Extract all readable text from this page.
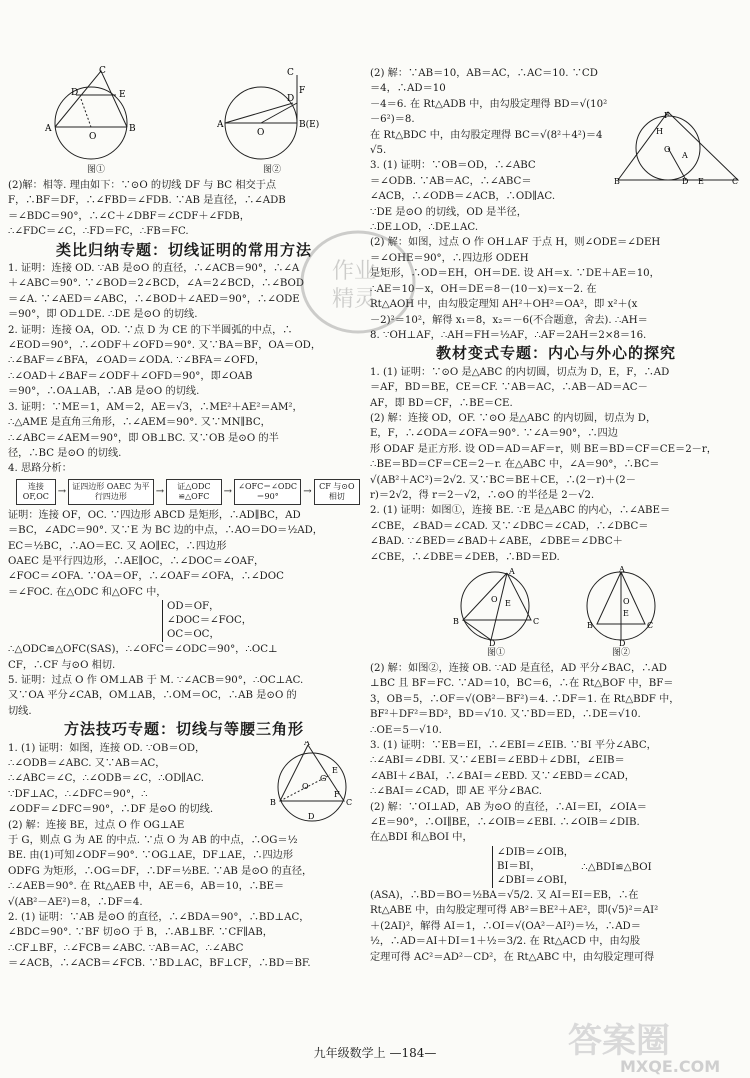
C
D	E
A	B
O
图①
C
D
A	B(E)
O
F
图②

(2)解：相等. 理由如下：∵⊙O 的切线 DF 与 BC 相交于点

F，∴BF＝DF，∴∠FBD＝∠FDB. ∵AB 是直径，∴∠ADB

＝∠BDC＝90°，∴∠C＋∠DBF＝∠CDF＋∠FDB，

∴∠FDC＝∠C，∴FD＝FC，∴FB＝FC.

类比归纳专题：切线证明的常用方法

1. 证明：连接 OD. ∵AB 是⊙O 的直径，∴∠ACB＝90°，∴∠A

＋∠ABC＝90°. ∵∠BOD＝2∠BCD，∠A＝2∠BCD，∴∠BOD

＝∠A. ∵∠AED＝∠ABC，∴∠BOD＋∠AED＝90°，∴∠ODE

＝90°，即 OD⊥DE. ∴DE 是⊙O 的切线.

2. 证明：连接 OA，OD. ∵点 D 为 CE 的下半圆弧的中点，∴

∠EOD＝90°，∴∠ODF＋∠OFD＝90°. 又∵BA＝BF，OA＝OD，

∴∠BAF＝∠BFA，∠OAD＝∠ODA. ∵∠BFA＝∠OFD，

∴∠OAD＋∠BAF＝∠ODF＋∠OFD＝90°，即∠OAB

＝90°，∴OA⊥AB，∴AB 是⊙O 的切线.

3. 证明：∵ME＝1，AM＝2，AE＝√3，∴ME²＋AE²＝AM²，

∴△AME 是直角三角形，∴∠AEM＝90°. 又∵MN∥BC，

∴∠ABC＝∠AEM＝90°，即 OB⊥BC. 又∵OB 是⊙O 的半

径，∴BC 是⊙O 的切线.

4. 思路分析：

连接 OF,OC → 证四边形 OAEC 为平行四边形	→	证△ODC ≌△OFC	→ ∠OFC＝∠ODC ＝90°	→ CF 与⊙O 相切

证明：连接 OF，OC. ∵四边形 ABCD 是矩形，∴AD∥BC，AD

＝BC，∠ADC＝90°. 又∵E 为 BC 边的中点，∴AO＝DO＝½AD，

EC＝½BC，∴AO＝EC. 又 AO∥EC，∴四边形

OAEC 是平行四边形，∴AE∥OC，∴∠DOC＝∠OAF，

∠FOC＝∠OFA. ∵OA＝OF，∴∠OAF＝∠OFA，∴∠DOC

＝∠FOC. 在△ODC 和△OFC 中，

OD＝OF，
∠DOC＝∠FOC，
OC＝OC，

∴△ODC≌△OFC(SAS)，∴∠OFC＝∠ODC＝90°，∴OC⊥

CF，∴CF 与⊙O 相切.

5. 证明：过点 O 作 OM⊥AB 于 M. ∵∠ACB＝90°，∴OC⊥AC.

又∵OA 平分∠CAB，OM⊥AB，∴OM＝OC，∴AB 是⊙O 的

切线.

方法技巧专题：切线与等腰三角形
A
B	C
E
D
F
G
O

1. (1) 证明：如图，连接 OD. ∵OB＝OD，

∴∠ODB＝∠ABC. 又∵AB＝AC，

∴∠ABC＝∠C，∴∠ODB＝∠C，∴OD∥AC.

∵DF⊥AC，∴∠DFC＝90°，∴

∠ODF＝∠DFC＝90°，∴DF 是⊙O 的切线.

(2) 解：连接 BE，过点 O 作 OG⊥AE

于 G，则点 G 为 AE 的中点. ∵点 O 为 AB 的中点，∴OG＝½

BE. 由(1)可知∠ODF＝90°. ∵OG⊥AE，DF⊥AE，∴四边形

ODFG 为矩形，∴OG＝DF，∴DF＝½BE. ∵AB 是⊙O 的直径，

∴∠AEB＝90°. 在 Rt△AEB 中，AE＝6，AB＝10，∴BE＝

√(AB²－AE²)＝8，∴DF＝4.

2. (1) 证明：∵AB 是⊙O 的直径，∴∠BDA＝90°，∴BD⊥AC，

∠BDC＝90°. ∵BF 切⊙O 于 B，∴AB⊥BF. ∵CF∥AB，

∴CF⊥BF，∴∠FCB＝∠ABC. ∵AB＝AC，∴∠ABC

＝∠ACB，∴∠ACB＝∠FCB. ∵BD⊥AC，BF⊥CF，∴BD＝BF.

F
H
B	C
A
D E
O

(2) 解：∵AB＝10，AB＝AC，∴AC＝10. ∵CD＝4，∴AD＝10

－4＝6. 在 Rt△ADB 中，由勾股定理得 BD＝√(10²－6²)＝8.

在 Rt△BDC 中，由勾股定理得 BC＝√(8²＋4²)＝4√5.

3. (1) 证明：∵OB＝OD，∴∠ABC

＝∠ODB. ∵AB＝AC，∴∠ABC＝

∠ACB，∴∠ODB＝∠ACB，∴OD∥AC.

∵DE 是⊙O 的切线，OD 是半径，

∴DE⊥OD，∴DE⊥AC.

(2) 解：如图，过点 O 作 OH⊥AF 于点 H，则∠ODE＝∠DEH

＝∠OHE＝90°，∴四边形 ODEH

是矩形，∴OD＝EH，OH＝DE. 设 AH＝x. ∵DE＋AE＝10，

∴AE＝10－x，OH＝DE＝8－(10－x)＝x－2. 在

Rt△AOH 中，由勾股定理知 AH²＋OH²＝OA²，即 x²＋(x

－2)²＝10²，解得 x₁＝8，x₂＝－6(不合题意，舍去). ∴AH＝

8. ∵OH⊥AF，∴AH＝FH＝½AF，∴AF＝2AH＝2×8＝16.

教材变式专题：内心与外心的探究

1. (1) 证明：∵⊙O 是△ABC 的内切圆，切点为 D，E，F，∴AD

＝AF，BD＝BE，CE＝CF. ∵AB＝AC，∴AB－AD＝AC－

AF，即 BD＝CF，∴BE＝CE.

(2) 解：连接 OD，OF. ∵⊙O 是△ABC 的内切圆，切点为 D，

E，F，∴∠ODA＝∠OFA＝90°. ∵∠A＝90°，∴四边

形 ODAF 是正方形. 设 OD＝AD＝AF＝r，则 BE＝BD＝CF＝CE＝2－r，

∴BE＝BD＝CF＝CE＝2－r. 在△ABC 中，∠A＝90°，∴BC＝

√(AB²＋AC²)＝2√2. 又∵BC＝BE＋CE，∴(2－r)＋(2－

r)＝2√2，得 r＝2－√2，∴⊙O 的半径是 2－√2.

2. (1) 证明：如图①，连接 BE. ∵E 是△ABC 的内心，∴∠ABE＝

∠CBE，∠BAD＝∠CAD. 又∵∠DBC＝∠CAD，∴∠DBC＝

∠BAD. ∵∠BED＝∠BAD＋∠ABE，∠DBE＝∠DBC＋

∠CBE，∴∠DBE＝∠DEB，∴BD＝ED.

A
B	C
D
E
O
图①
A
B	C
D
E
O
图②

(2) 解：如图②，连接 OB. ∵AD 是直径，AD 平分∠BAC，∴AD

⊥BC 且 BF＝FC. ∵AD＝10，BC＝6，∴在 Rt△BOF 中，BF＝

3，OB＝5，∴OF＝√(OB²－BF²)＝4. ∴DF＝1. 在 Rt△BDF 中，

BF²＋DF²＝BD²，BD＝√10. 又∵BD＝ED，∴DE＝√10.

∴OE＝5－√10.

3. (1) 证明：∵EB＝EI，∴∠EBI＝∠EIB. ∵BI 平分∠ABC，

∴∠ABI＝∠DBI. 又∵∠EBI＝∠EBD＋∠DBI，∠EIB＝

∠ABI＋∠BAI，∴∠BAI＝∠EBD. 又∵∠EBD＝∠CAD，

∴∠BAI＝∠CAD，即 AE 平分∠BAC.

(2) 解：∵OI⊥AD，AB 为⊙O 的直径，∴AI＝EI，∠OIA＝

∠E＝90°，∴OI∥BE，∴∠OIB＝∠EBI. ∴∠OIB＝∠DIB.

在△BDI 和△BOI 中，

∠DIB＝∠OIB，
BI＝BI，
∠DBI＝∠OBI，
∴△BDI≌△BOI

(ASA)，∴BD＝BO＝½BA＝√5/2. 又 AI＝EI＝EB，∴在

Rt△ABE 中，由勾股定理可得 AB²＝BE²＋AE²，即(√5)²＝AI²

＋(2AI)²，解得 AI＝1，∴OI＝√(OA²－AI²)＝½，∴AD＝

½，∴AD＝AI＋DI＝1＋½＝3/2. 在 Rt△ACD 中，由勾股

定理可得 AC²＝AD²－CD²，在 Rt△ABC 中，由勾股定理可得

作业
精灵
九年级数学上 —184—	答案圈
MXQE.COM
